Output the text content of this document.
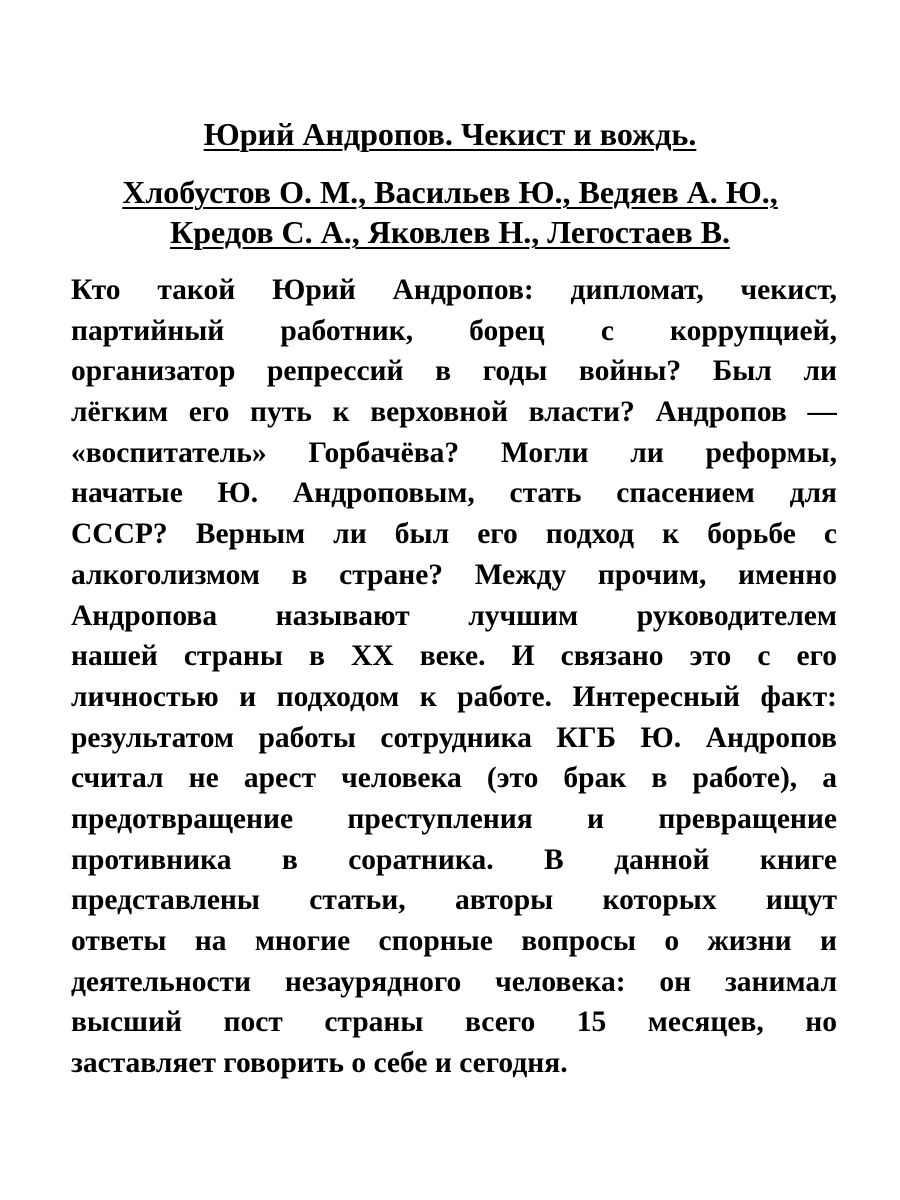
Юрий Андропов. Чекист и вождь.
Хлобустов О. М., Васильев Ю., Ведяев А. Ю.,
Кредов С. А., Яковлев Н., Легостаев В.

Кто такой Юрий Андропов: дипломат, чекист,
партийный работник, борец с коррупцией,
организатор репрессий в годы войны? Был ли
лёгким его путь к верховной власти? Андропов —
«воспитатель» Горбачёва? Могли ли реформы,
начатые Ю. Андроповым, стать спасением для
СССР? Верным ли был его подход к борьбе с
алкоголизмом в стране? Между прочим, именно
Андропова называют лучшим руководителем
нашей страны в XX веке. И связано это с его
личностью и подходом к работе. Интересный факт:
результатом работы сотрудника КГБ Ю. Андропов
считал не арест человека (это брак в работе), а
предотвращение преступления и превращение
противника в соратника. В данной книге
представлены статьи, авторы которых ищут
ответы на многие спорные вопросы о жизни и
деятельности незаурядного человека: он занимал
высший пост страны всего 15 месяцев, но
заставляет говорить о себе и сегодня.
